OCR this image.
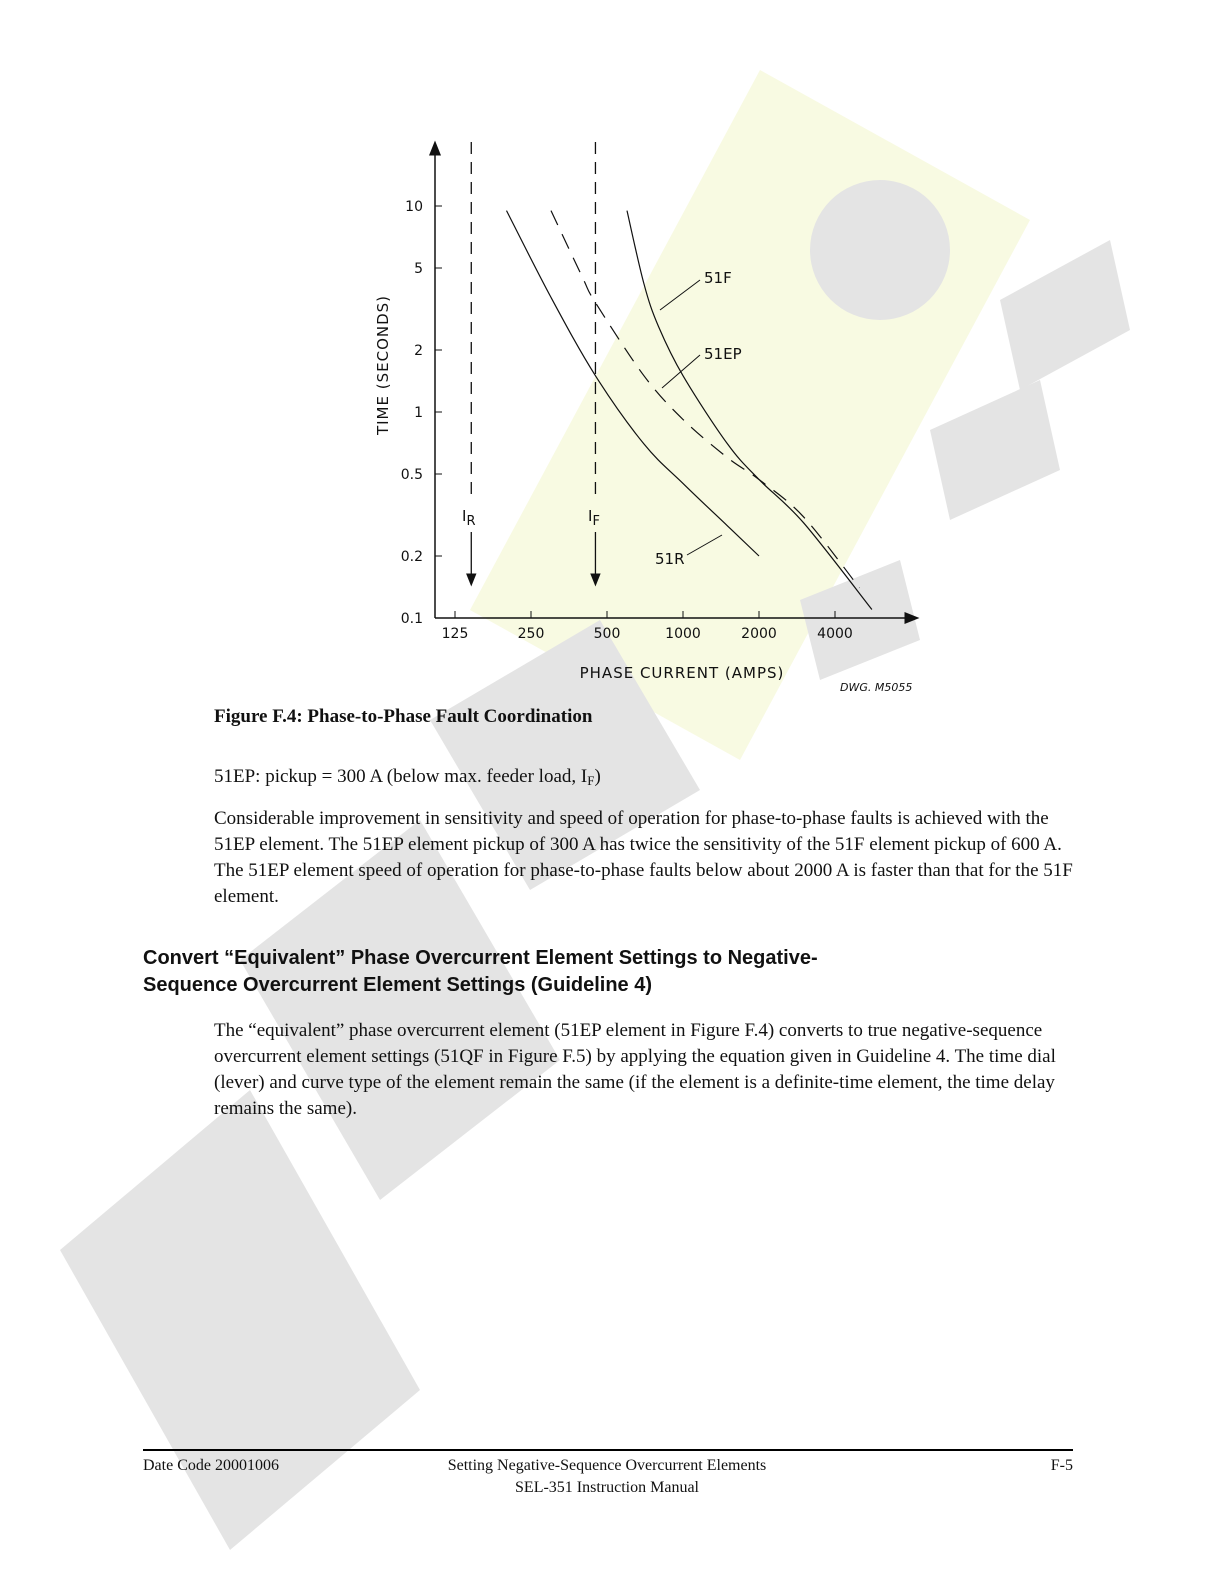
0.1
0.2
0.5
1
2
5
10
125	250	500	1000	2000	4000
TIME (SECONDS)
PHASE CURRENT (AMPS)
51F
51EP
51R
IR	IF
DWG. M5055

Figure F.4: Phase-to-Phase Fault Coordination

51EP: pickup = 300 A (below max. feeder load, $I_F$)

Considerable improvement in sensitivity and speed of operation for phase-to-phase faults is achieved with the 51EP element. The 51EP element pickup of 300 A has twice the sensitivity of the 51F element pickup of 600 A. The 51EP element speed of operation for phase-to-phase faults below about 2000 A is faster than that for the 51F element.

Convert “Equivalent” Phase Overcurrent Element Settings to Negative-
Sequence Overcurrent Element Settings (Guideline 4)

The “equivalent” phase overcurrent element (51EP element in Figure F.4) converts to true negative-sequence overcurrent element settings (51QF in Figure F.5) by applying the equation given in Guideline 4. The time dial (lever) and curve type of the element remain the same (if the element is a definite-time element, the time delay remains the same).

Date Code 20001006	Setting Negative-Sequence Overcurrent Elements
SEL-351 Instruction Manual
F-5
